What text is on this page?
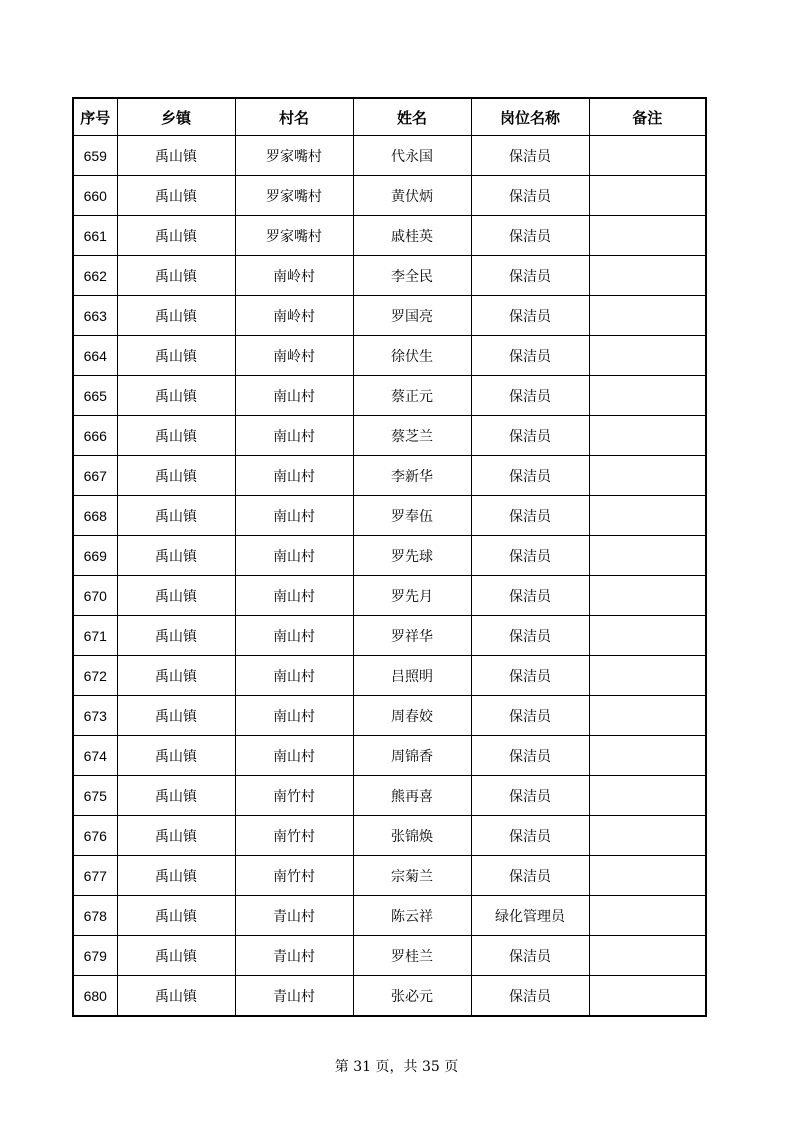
序号	乡镇	村名	姓名	岗位名称	备注
659	禹山镇	罗家嘴村	代永国	保洁员	
660	禹山镇	罗家嘴村	黄伏炳	保洁员	
661	禹山镇	罗家嘴村	戚桂英	保洁员	
662	禹山镇	南岭村	李全民	保洁员	
663	禹山镇	南岭村	罗国亮	保洁员	
664	禹山镇	南岭村	徐伏生	保洁员	
665	禹山镇	南山村	蔡正元	保洁员	
666	禹山镇	南山村	蔡芝兰	保洁员	
667	禹山镇	南山村	李新华	保洁员	
668	禹山镇	南山村	罗奉伍	保洁员	
669	禹山镇	南山村	罗先球	保洁员	
670	禹山镇	南山村	罗先月	保洁员	
671	禹山镇	南山村	罗祥华	保洁员	
672	禹山镇	南山村	吕照明	保洁员	
673	禹山镇	南山村	周春姣	保洁员	
674	禹山镇	南山村	周锦香	保洁员	
675	禹山镇	南竹村	熊再喜	保洁员	
676	禹山镇	南竹村	张锦焕	保洁员	
677	禹山镇	南竹村	宗菊兰	保洁员	
678	禹山镇	青山村	陈云祥	绿化管理员	
679	禹山镇	青山村	罗桂兰	保洁员	
680	禹山镇	青山村	张必元	保洁员	
第 31 页，共 35 页
